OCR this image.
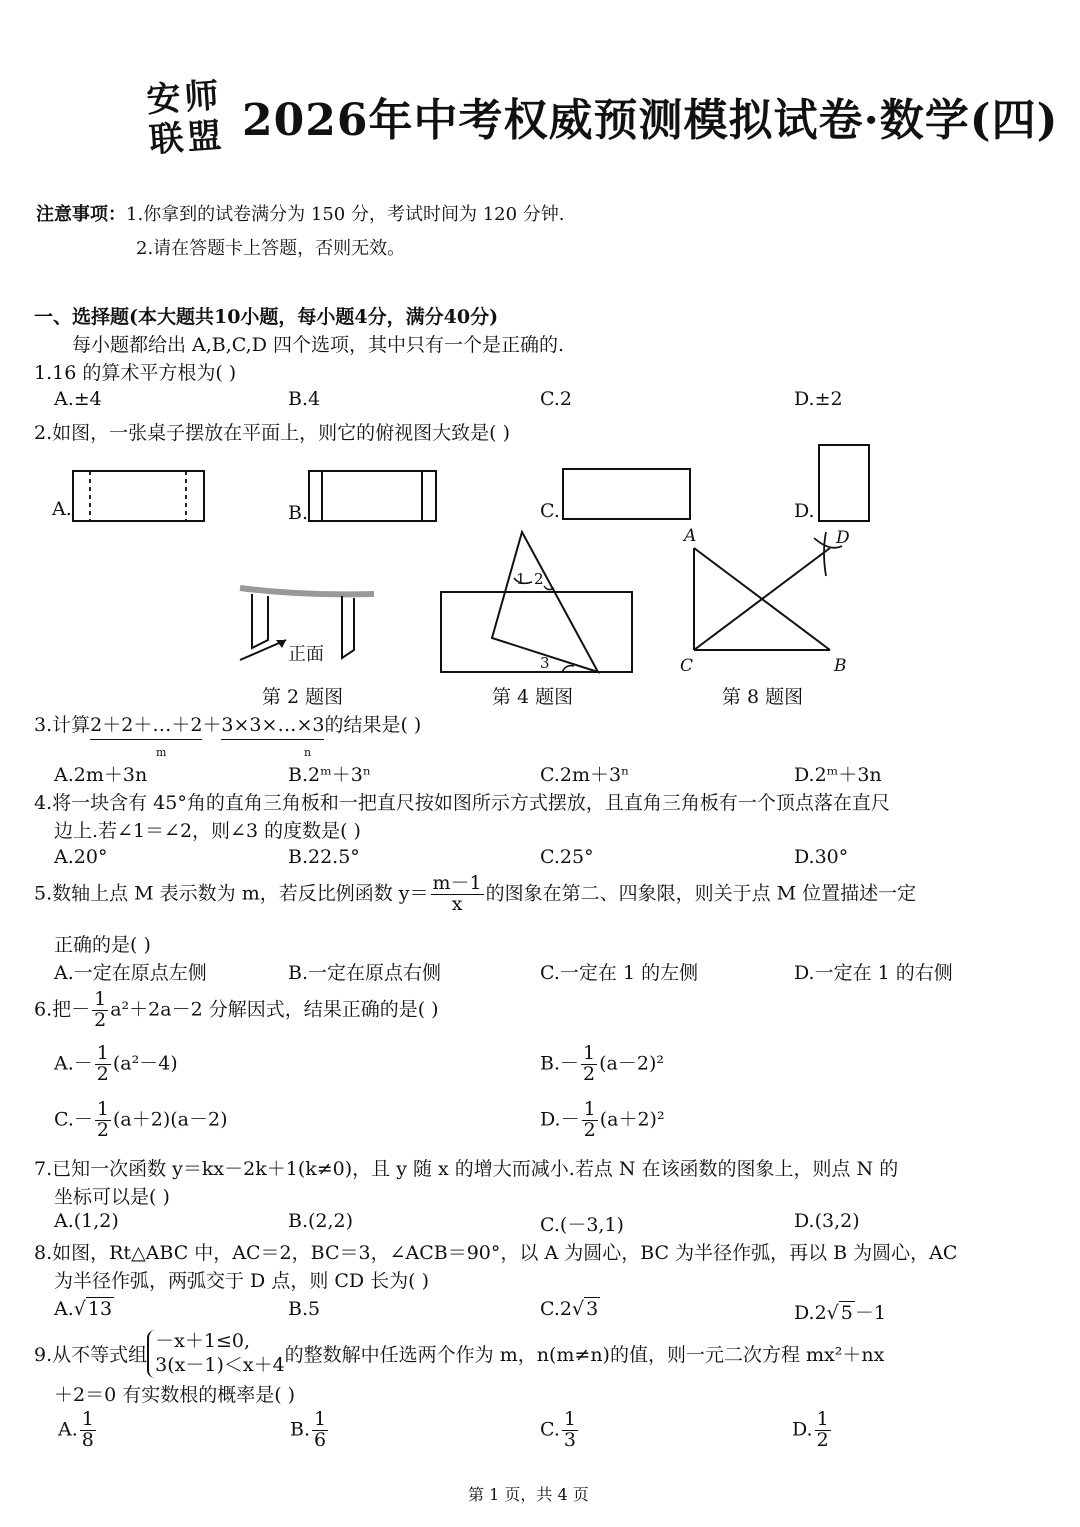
安师
联盟 2026年中考权威预测模拟试卷·数学(四)
注意事项：1.你拿到的试卷满分为 150 分，考试时间为 120 分钟.
2.请在答题卡上答题，否则无效。
一、选择题(本大题共10小题，每小题4分，满分40分)
每小题都给出 A,B,C,D 四个选项，其中只有一个是正确的.
1.16 的算术平方根为( )
A.±4	B.4	C.2	D.±2
2.如图，一张桌子摆放在平面上，则它的俯视图大致是( )
A.	B.	C.	D.
正面
第 2 题图
1 2
3
第 4 题图
A
B
C
D
第 8 题图
3.计算2＋2＋…＋2＋3×3×…×3的结果是( )
m	n
A.2m＋3n	B.2ᵐ＋3ⁿ	C.2m＋3ⁿ	D.2ᵐ＋3n
4.将一块含有 45°角的直角三角板和一把直尺按如图所示方式摆放，且直角三角板有一个顶点落在直尺
边上.若∠1＝∠2，则∠3 的度数是( )
A.20°	B.22.5°	C.25°	D.30°
5.数轴上点 M 表示数为 m，若反比例函数 $y= \frac{m-1}{x}$ 的图象在第二、四象限，则关于点 M 位置描述一定
正确的是( )
A.一定在原点左侧	B.一定在原点右侧	C.一定在 1 的左侧	D.一定在 1 的右侧
6.把－ $\frac{1}{2} a^2+2a-2$ 分解因式，结果正确的是( )
$A.- \frac{1}{2} (a^2-4)$	$B.- \frac{1}{2} (a-2)^2$
$C.- \frac{1}{2} (a+2)(a-2)$	$D.- \frac{1}{2} (a+2)^2$
7.已知一次函数 y＝kx－2k＋1(k≠0)，且 y 随 x 的增大而减小.若点 N 在该函数的图象上，则点 N 的
坐标可以是( )
A.(1,2)	B.(2,2)	C.(－3,1)	D.(3,2)
8.如图，Rt△ABC 中，AC＝2，BC＝3，∠ACB＝90°，以 A 为圆心，BC 为半径作弧，再以 B 为圆心，AC
为半径作弧，两弧交于 D 点，则 CD 长为( )
A.√ 13	B.5	C.2√ 3	D.2√ 5 －1
9.从不等式组
－x＋1≤0,
3(x－1)＜x＋4 的整数解中任选两个作为 m，n(m≠n)的值，则一元二次方程 mx²＋nx
＋2＝0 有实数根的概率是( )
A. $\frac{1}{8}$	B. $\frac{1}{6}$	C. $\frac{1}{3}$	D. $\frac{1}{2}$
第 1 页，共 4 页
